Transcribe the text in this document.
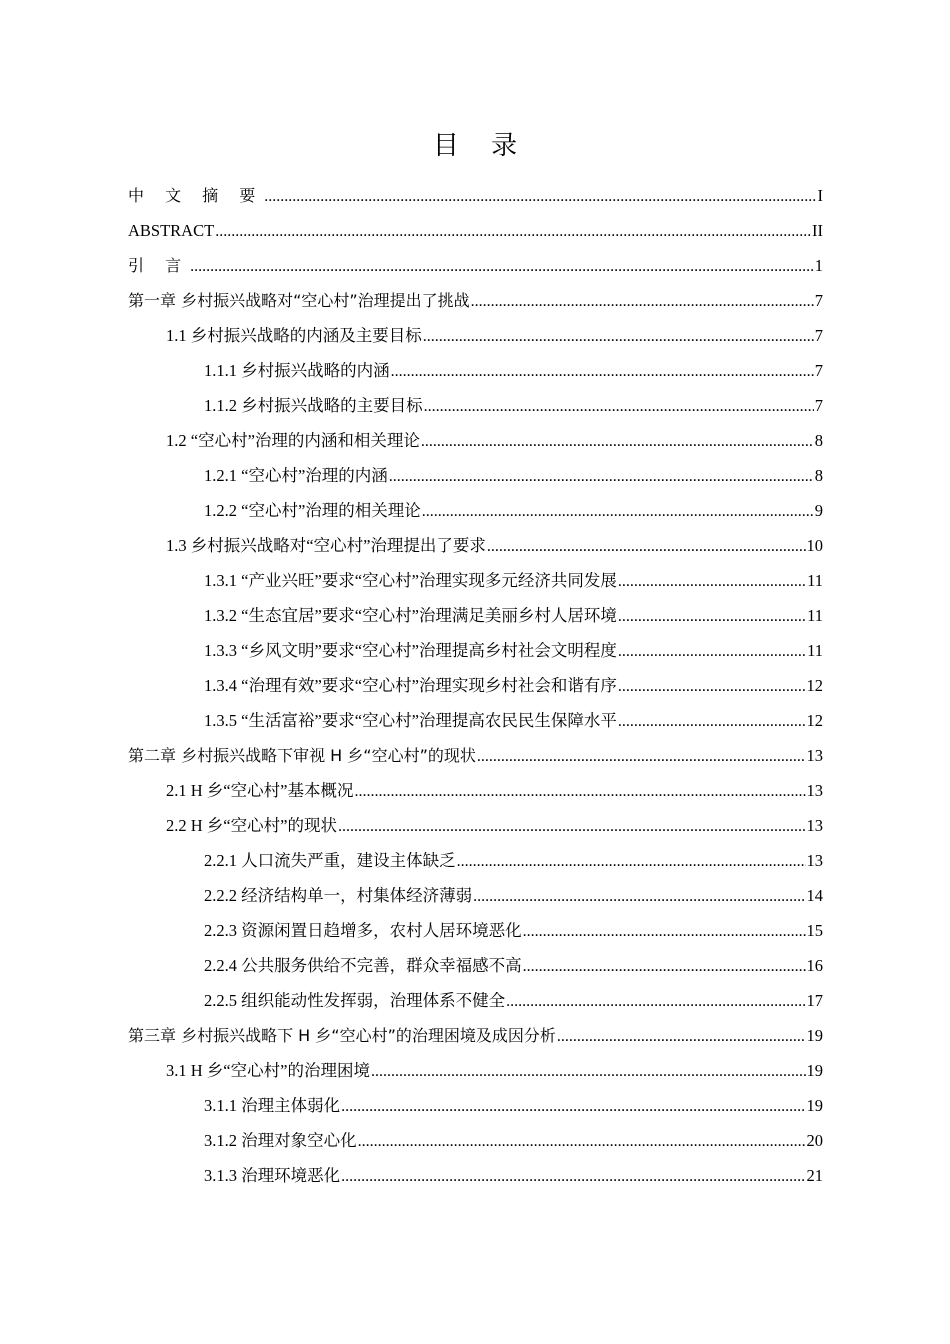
目 录
中 文 摘 要 .....	I
ABSTRACT .....	II
引 言 .....	1
第一章 乡村振兴战略对“空心村”治理提出了挑战 .....	7
1.1 乡村振兴战略的内涵及主要目标 .....	7
1.1.1 乡村振兴战略的内涵 .....	7
1.1.2 乡村振兴战略的主要目标 .....	7
1.2 “空心村”治理的内涵和相关理论 .....	8
1.2.1 “空心村”治理的内涵 .....	8
1.2.2 “空心村”治理的相关理论 .....	9
1.3 乡村振兴战略对“空心村”治理提出了要求 .....	10
1.3.1 “产业兴旺”要求“空心村”治理实现多元经济共同发展 .....	11
1.3.2 “生态宜居”要求“空心村”治理满足美丽乡村人居环境 .....	11
1.3.3 “乡风文明”要求“空心村”治理提高乡村社会文明程度 .....	11
1.3.4 “治理有效”要求“空心村”治理实现乡村社会和谐有序 .....	12
1.3.5 “生活富裕”要求“空心村”治理提高农民民生保障水平 .....	12
第二章 乡村振兴战略下审视 H 乡“空心村”的现状 .....	13
2.1 H 乡“空心村”基本概况 .....	13
2.2 H 乡“空心村”的现状 .....	13
2.2.1 人口流失严重，建设主体缺乏 .....	13
2.2.2 经济结构单一，村集体经济薄弱 .....	14
2.2.3 资源闲置日趋增多，农村人居环境恶化 .....	15
2.2.4 公共服务供给不完善，群众幸福感不高 .....	16
2.2.5 组织能动性发挥弱，治理体系不健全 .....	17
第三章 乡村振兴战略下 H 乡“空心村”的治理困境及成因分析 .....	19
3.1 H 乡“空心村”的治理困境 .....	19
3.1.1 治理主体弱化 .....	19
3.1.2 治理对象空心化 .....	20
3.1.3 治理环境恶化 .....	21
